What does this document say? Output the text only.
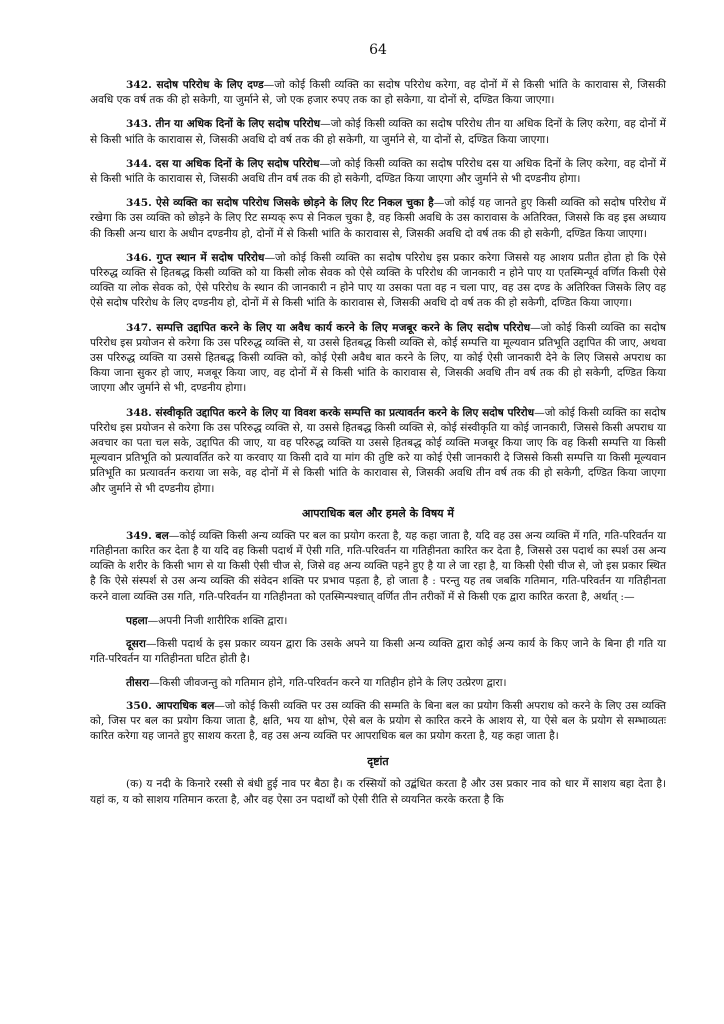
64

342. सदोष परिरोध के लिए दण्ड—जो कोई किसी व्यक्ति का सदोष परिरोध करेगा, वह दोनों में से किसी भांति के कारावास से, जिसकी अवधि एक वर्ष तक की हो सकेगी, या जुर्माने से, जो एक हजार रुपए तक का हो सकेगा, या दोनों से, दण्डित किया जाएगा।

343. तीन या अधिक दिनों के लिए सदोष परिरोध—जो कोई किसी व्यक्ति का सदोष परिरोध तीन या अधिक दिनों के लिए करेगा, वह दोनों में से किसी भांति के कारावास से, जिसकी अवधि दो वर्ष तक की हो सकेगी, या जुर्माने से, या दोनों से, दण्डित किया जाएगा।

344. दस या अधिक दिनों के लिए सदोष परिरोध—जो कोई किसी व्यक्ति का सदोष परिरोध दस या अधिक दिनों के लिए करेगा, वह दोनों में से किसी भांति के कारावास से, जिसकी अवधि तीन वर्ष तक की हो सकेगी, दण्डित किया जाएगा और जुर्माने से भी दण्डनीय होगा।

345. ऐसे व्यक्ति का सदोष परिरोध जिसके छोड़ने के लिए रिट निकल चुका है—जो कोई यह जानते हुए किसी व्यक्ति को सदोष परिरोध में रखेगा कि उस व्यक्ति को छोड़ने के लिए रिट सम्यक् रूप से निकल चुका है, वह किसी अवधि के उस कारावास के अतिरिक्त, जिससे कि वह इस अध्याय की किसी अन्य धारा के अधीन दण्डनीय हो, दोनों में से किसी भांति के कारावास से, जिसकी अवधि दो वर्ष तक की हो सकेगी, दण्डित किया जाएगा।

346. गुप्त स्थान में सदोष परिरोध—जो कोई किसी व्यक्ति का सदोष परिरोध इस प्रकार करेगा जिससे यह आशय प्रतीत होता हो कि ऐसे परिरुद्ध व्यक्ति से हितबद्ध किसी व्यक्ति को या किसी लोक सेवक को ऐसे व्यक्ति के परिरोध की जानकारी न होने पाए या एतस्मिन्पूर्व वर्णित किसी ऐसे व्यक्ति या लोक सेवक को, ऐसे परिरोध के स्थान की जानकारी न होने पाए या उसका पता वह न चला पाए, वह उस दण्ड के अतिरिक्त जिसके लिए वह ऐसे सदोष परिरोध के लिए दण्डनीय हो, दोनों में से किसी भांति के कारावास से, जिसकी अवधि दो वर्ष तक की हो सकेगी, दण्डित किया जाएगा।

347. सम्पत्ति उद्दापित करने के लिए या अवैध कार्य करने के लिए मजबूर करने के लिए सदोष परिरोध—जो कोई किसी व्यक्ति का सदोष परिरोध इस प्रयोजन से करेगा कि उस परिरुद्ध व्यक्ति से, या उससे हितबद्ध किसी व्यक्ति से, कोई सम्पत्ति या मूल्यवान प्रतिभूति उद्दापित की जाए, अथवा उस परिरुद्ध व्यक्ति या उससे हितबद्ध किसी व्यक्ति को, कोई ऐसी अवैध बात करने के लिए, या कोई ऐसी जानकारी देने के लिए जिससे अपराध का किया जाना सुकर हो जाए, मजबूर किया जाए, वह दोनों में से किसी भांति के कारावास से, जिसकी अवधि तीन वर्ष तक की हो सकेगी, दण्डित किया जाएगा और जुर्माने से भी, दण्डनीय होगा।

348. संस्वीकृति उद्दापित करने के लिए या विवश करके सम्पत्ति का प्रत्यावर्तन करने के लिए सदोष परिरोध—जो कोई किसी व्यक्ति का सदोष परिरोध इस प्रयोजन से करेगा कि उस परिरुद्ध व्यक्ति से, या उससे हितबद्ध किसी व्यक्ति से, कोई संस्वीकृति या कोई जानकारी, जिससे किसी अपराध या अवचार का पता चल सके, उद्दापित की जाए, या वह परिरुद्ध व्यक्ति या उससे हितबद्ध कोई व्यक्ति मजबूर किया जाए कि वह किसी सम्पत्ति या किसी मूल्यवान प्रतिभूति को प्रत्यावर्तित करे या करवाए या किसी दावे या मांग की तुष्टि करे या कोई ऐसी जानकारी दे जिससे किसी सम्पत्ति या किसी मूल्यवान प्रतिभूति का प्रत्यावर्तन कराया जा सके, वह दोनों में से किसी भांति के कारावास से, जिसकी अवधि तीन वर्ष तक की हो सकेगी, दण्डित किया जाएगा और जुर्माने से भी दण्डनीय होगा।

आपराधिक बल और हमले के विषय में

349. बल—कोई व्यक्ति किसी अन्य व्यक्ति पर बल का प्रयोग करता है, यह कहा जाता है, यदि वह उस अन्य व्यक्ति में गति, गति-परिवर्तन या गतिहीनता कारित कर देता है या यदि वह किसी पदार्थ में ऐसी गति, गति-परिवर्तन या गतिहीनता कारित कर देता है, जिससे उस पदार्थ का स्पर्श उस अन्य व्यक्ति के शरीर के किसी भाग से या किसी ऐसी चीज से, जिसे वह अन्य व्यक्ति पहने हुए है या ले जा रहा है, या किसी ऐसी चीज से, जो इस प्रकार स्थित है कि ऐसे संस्पर्श से उस अन्य व्यक्ति की संवेदन शक्ति पर प्रभाव पड़ता है, हो जाता है : परन्तु यह तब जबकि गतिमान, गति-परिवर्तन या गतिहीनता करने वाला व्यक्ति उस गति, गति-परिवर्तन या गतिहीनता को एतस्मिन्पश्चात् वर्णित तीन तरीकों में से किसी एक द्वारा कारित करता है, अर्थात् :—

पहला—अपनी निजी शारीरिक शक्ति द्वारा।

दूसरा—किसी पदार्थ के इस प्रकार व्ययन द्वारा कि उसके अपने या किसी अन्य व्यक्ति द्वारा कोई अन्य कार्य के किए जाने के बिना ही गति या गति-परिवर्तन या गतिहीनता घटित होती है।

तीसरा—किसी जीवजन्तु को गतिमान होने, गति-परिवर्तन करने या गतिहीन होने के लिए उत्प्रेरण द्वारा।

350. आपराधिक बल—जो कोई किसी व्यक्ति पर उस व्यक्ति की सम्मति के बिना बल का प्रयोग किसी अपराध को करने के लिए उस व्यक्ति को, जिस पर बल का प्रयोग किया जाता है, क्षति, भय या क्षोभ, ऐसे बल के प्रयोग से कारित करने के आशय से, या ऐसे बल के प्रयोग से सम्भाव्यतः कारित करेगा यह जानते हुए साशय करता है, वह उस अन्य व्यक्ति पर आपराधिक बल का प्रयोग करता है, यह कहा जाता है।

दृष्टांत

(क) य नदी के किनारे रस्सी से बंधी हुई नाव पर बैठा है। क रस्सियों को उद्बंधित करता है और उस प्रकार नाव को धार में साशय बहा देता है। यहां क, य को साशय गतिमान करता है, और वह ऐसा उन पदार्थों को ऐसी रीति से व्ययनित करके करता है कि
